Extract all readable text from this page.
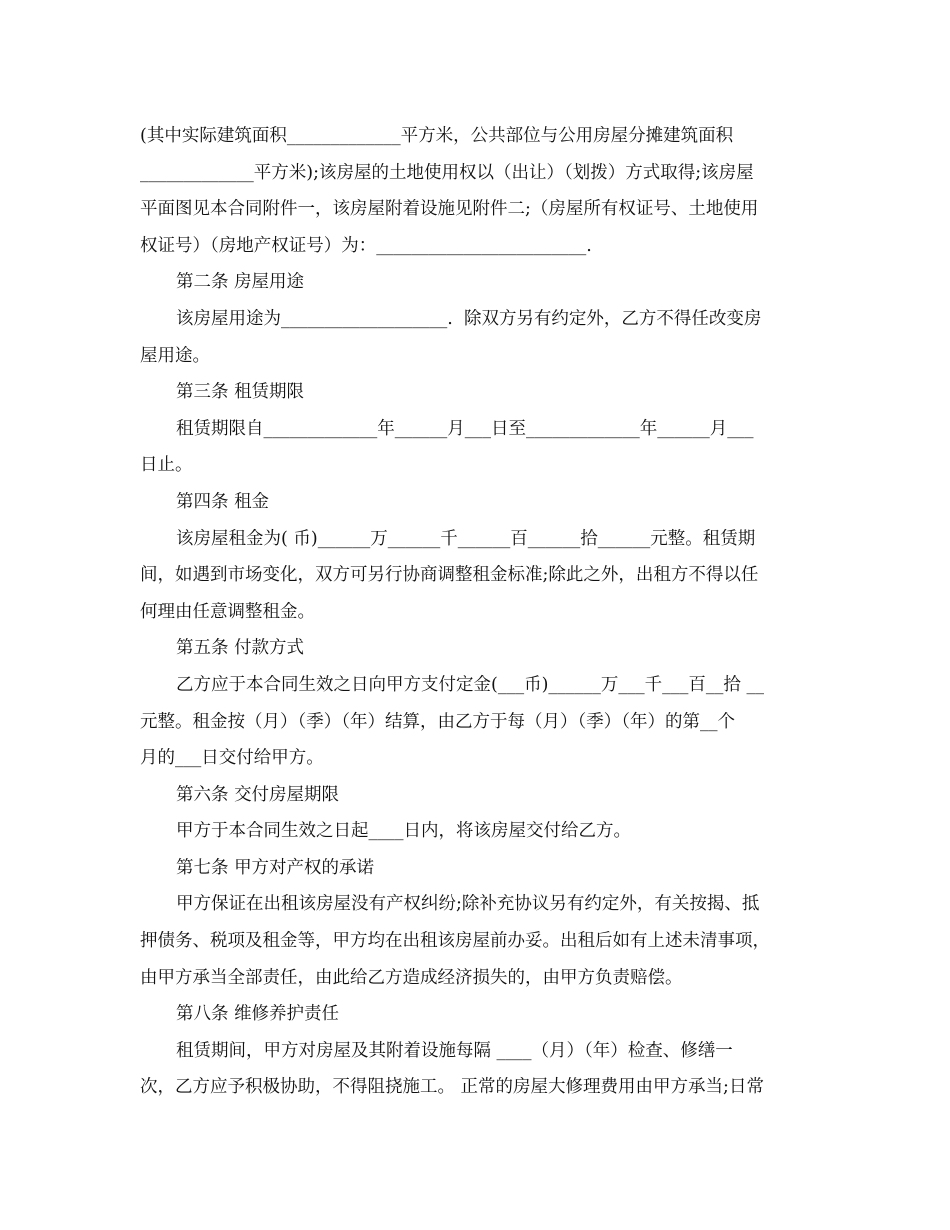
(其中实际建筑面积_____________平方米，公共部位与公用房屋分摊建筑面积
_____________平方米);该房屋的土地使用权以（出让）（划拨）方式取得;该房屋
平面图见本合同附件一，该房屋附着设施见附件二;（房屋所有权证号、土地使用
权证号）（房地产权证号）为：________________________.
第二条 房屋用途
该房屋用途为___________________.  除双方另有约定外，乙方不得任改变房
屋用途。
第三条 租赁期限
租赁期限自_____________年______月___日至_____________年______月___
日止。
第四条 租金
该房屋租金为( 币)______万______千______百______拾______元整。租赁期
间，如遇到市场变化，双方可另行协商调整租金标准;除此之外，出租方不得以任
何理由任意调整租金。
第五条 付款方式
乙方应于本合同生效之日向甲方支付定金(___币)______万___千___百__拾 __
元整。租金按（月）（季）（年）结算，由乙方于每（月）（季）（年）的第__个
月的___日交付给甲方。
第六条 交付房屋期限
甲方于本合同生效之日起____日内，将该房屋交付给乙方。
第七条 甲方对产权的承诺
甲方保证在出租该房屋没有产权纠纷;除补充协议另有约定外，有关按揭、抵
押债务、税项及租金等，甲方均在出租该房屋前办妥。出租后如有上述未清事项，
由甲方承当全部责任，由此给乙方造成经济损失的，由甲方负责赔偿。
第八条 维修养护责任
租赁期间，甲方对房屋及其附着设施每隔 ____（月）（年）检查、修缮一
次，乙方应予积极协助，不得阻挠施工。 正常的房屋大修理费用由甲方承当;日常
